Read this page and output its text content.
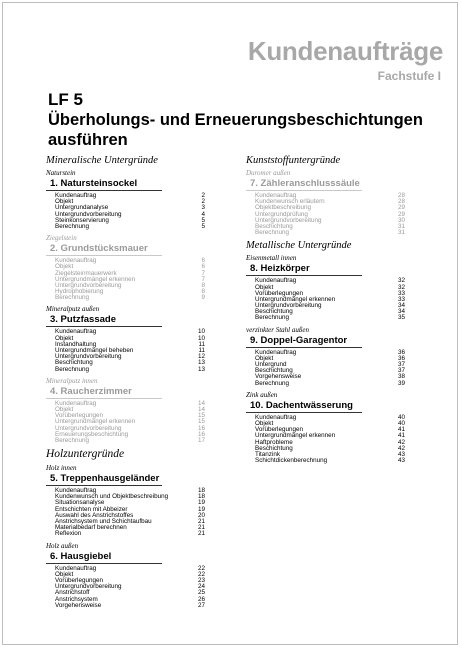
Kundenaufträge
Fachstufe I
LF 5
Überholungs- und Erneuerungsbeschichtungen ausführen
Mineralische Untergründe
Naturstein
1. Natursteinsockel
Kundenauftrag	2
Objekt	2
Untergrundanalyse	3
Untergrundvorbereitung	4
Steinkonservierung	5
Berechnung	5
Ziegelstein
2. Grundstücksmauer
Kundenauftrag	6
Objekt	6
Ziegelsteinmauerwerk	7
Untergrundmängel erkennen	7
Untergrundvorbereitung	8
Hydrophobierung	8
Berechnung	9
Mineralputz außen
3. Putzfassade
Kundenauftrag	10
Objekt	10
Instandhaltung	11
Untergrundmängel beheben	11
Untergrundvorbereitung	12
Beschichtung	13
Berechnung	13
Mineralputz innen
4. Raucherzimmer
Kundenauftrag	14
Objekt	14
Vorüberlegungen	15
Untergrundmängel erkennen	15
Untergrundvorbereitung	16
Erneuerungsbeschichtung	16
Berechnung	17
Holzuntergründe
Holz innen
5. Treppenhausgeländer
Kundenauftrag	18
Kundenwunsch und Objektbeschreibung	18
Situationsanalyse	19
Entschichten mit Abbeizer	19
Auswahl des Anstrichstoffes	20
Anstrichsystem und Schichtaufbau	21
Materialbedarf berechnen	21
Reflexion	21
Holz außen
6. Hausgiebel
Kundenauftrag	22
Objekt	22
Vorüberlegungen	23
Untergrundvorbereitung	24
Anstrichstoff	25
Anstrichsystem	26
Vorgehensweise	27
Kunststoffuntergründe
Duromer außen
7. Zähleranschlusssäule
Kundenauftrag	28
Kundenwunsch erläutern	28
Objektbeschreibung	29
Untergrundprüfung	29
Untergrundvorbereitung	30
Beschichtung	31
Berechnung	31
Metallische Untergründe
Eisenmetall innen
8. Heizkörper
Kundenauftrag	32
Objekt	32
Vorüberlegungen	33
Untergrundmängel erkennen	33
Untergrundvorbereitung	34
Beschichtung	34
Berechnung	35
verzinkter Stahl außen
9. Doppel-Garagentor
Kundenauftrag	36
Objekt	36
Untergrund	37
Beschichtung	37
Vorgehensweise	38
Berechnung	39
Zink außen
10. Dachentwässerung
Kundenauftrag	40
Objekt	40
Vorüberlegungen	41
Untergrundmängel erkennen	41
Haftprobleme	42
Beschichtung	42
Titanzink	43
Schichtdickenberechnung	43
